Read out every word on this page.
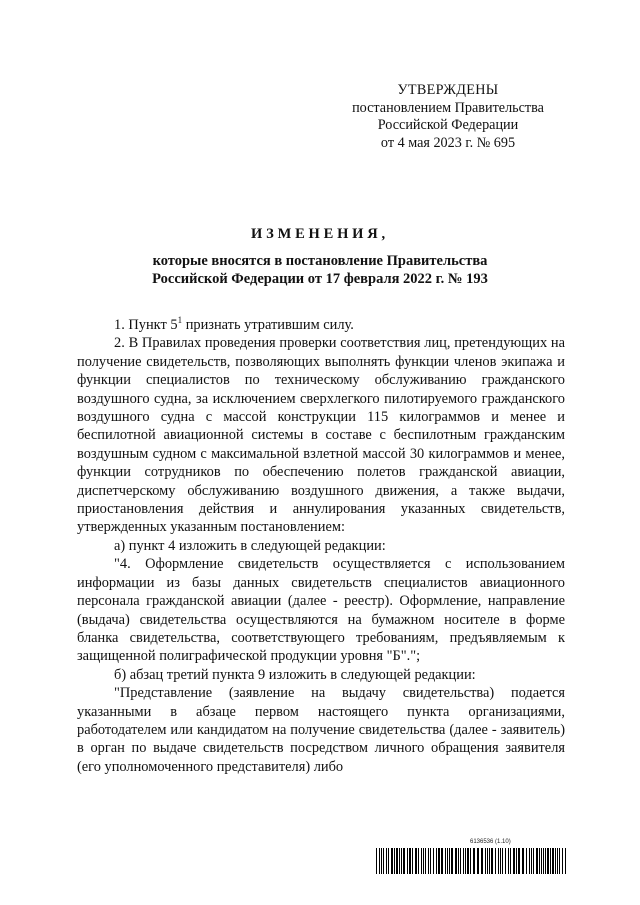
УТВЕРЖДЕНЫ
постановлением Правительства
Российской Федерации
от 4 мая 2023 г. № 695
ИЗМЕНЕНИЯ,
которые вносятся в постановление Правительства
Российской Федерации от 17 февраля 2022 г. № 193

1. Пункт $5^1$ признать утратившим силу.

2. В Правилах проведения проверки соответствия лиц, претендующих на получение свидетельств, позволяющих выполнять функции членов экипажа и функции специалистов по техническому обслуживанию гражданского воздушного судна, за исключением сверхлегкого пилотируемого гражданского воздушного судна с массой конструкции 115 килограммов и менее и беспилотной авиационной системы в составе с беспилотным гражданским воздушным судном с максимальной взлетной массой 30 килограммов и менее, функции сотрудников по обеспечению полетов гражданской авиации, диспетчерскому обслуживанию воздушного движения, а также выдачи, приостановления действия и аннулирования указанных свидетельств, утвержденных указанным постановлением:

а) пункт 4 изложить в следующей редакции:

"4. Оформление свидетельств осуществляется с использованием информации из базы данных свидетельств специалистов авиационного персонала гражданской авиации (далее - реестр). Оформление, направление (выдача) свидетельства осуществляются на бумажном носителе в форме бланка свидетельства, соответствующего требованиям, предъявляемым к защищенной полиграфической продукции уровня "Б".";

б) абзац третий пункта 9 изложить в следующей редакции:

"Представление (заявление на выдачу свидетельства) подается указанными в абзаце первом настоящего пункта организациями, работодателем или кандидатом на получение свидетельства (далее - заявитель) в орган по выдаче свидетельств посредством личного обращения заявителя (его уполномоченного представителя) либо

6136536 (1.10)
